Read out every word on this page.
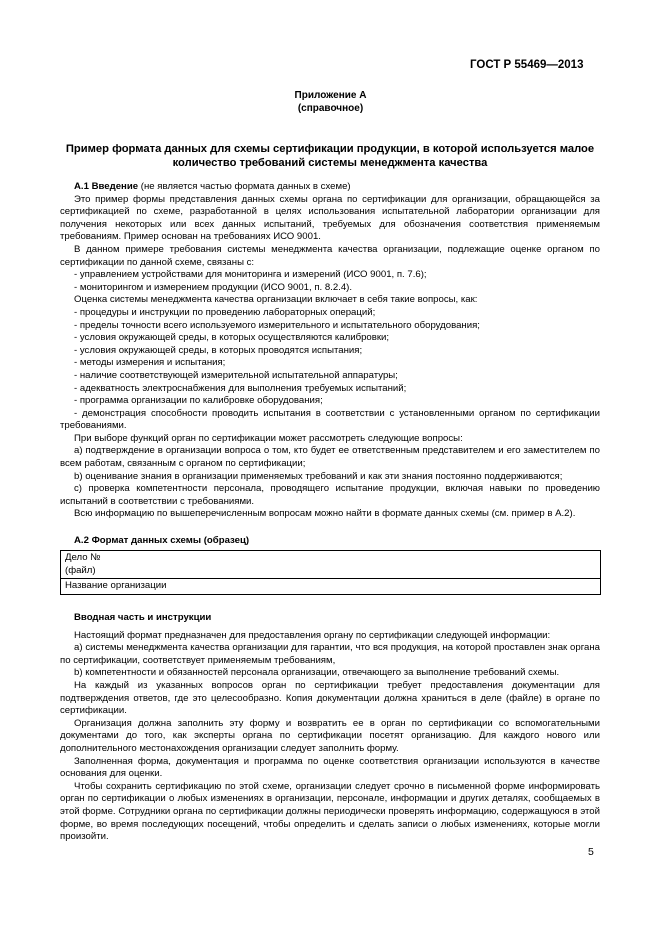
ГОСТ Р 55469—2013
Приложение А
(справочное)
Пример формата данных для схемы сертификации продукции, в которой используется малое количество требований системы менеджмента качества

А.1 Введение (не является частью формата данных в схеме)

Это пример формы представления данных схемы органа по сертификации для организации, обращающейся за сертификацией по схеме, разработанной в целях использования испытательной лаборатории организации для получения некоторых или всех данных испытаний, требуемых для обозначения соответствия применяемым требованиям. Пример основан на требованиях ИСО 9001.

В данном примере требования системы менеджмента качества организации, подлежащие оценке органом по сертификации по данной схеме, связаны с:

- управлением устройствами для мониторинга и измерений (ИСО 9001, п. 7.6);

- мониторингом и измерением продукции (ИСО 9001, п. 8.2.4).

Оценка системы менеджмента качества организации включает в себя такие вопросы, как:

- процедуры и инструкции по проведению лабораторных операций;

- пределы точности всего используемого измерительного и испытательного оборудования;

- условия окружающей среды, в которых осуществляются калибровки;

- условия окружающей среды, в которых проводятся испытания;

- методы измерения и испытания;

- наличие соответствующей измерительной испытательной аппаратуры;

- адекватность электроснабжения для выполнения требуемых испытаний;

- программа организации по калибровке оборудования;

- демонстрация способности проводить испытания в соответствии с установленными органом по сертификации требованиями.

При выборе функций орган по сертификации может рассмотреть следующие вопросы:

а) подтверждение в организации вопроса о том, кто будет ее ответственным представителем и его заместителем по всем работам, связанным с органом по сертификации;

b) оценивание знания в организации применяемых требований и как эти знания постоянно поддерживаются;

c) проверка компетентности персонала, проводящего испытание продукции, включая навыки по проведению испытаний в соответствии с требованиями.

Всю информацию по вышеперечисленным вопросам можно найти в формате данных схемы (см. пример в А.2).

А.2 Формат данных схемы (образец)

Дело №
(файл)

Название организации

Вводная часть и инструкции

Настоящий формат предназначен для предоставления органу по сертификации следующей информации:

а) системы менеджмента качества организации для гарантии, что вся продукция, на которой проставлен знак органа по сертификации, соответствует применяемым требованиям,

b) компетентности и обязанностей персонала организации, отвечающего за выполнение требований схемы.

На каждый из указанных вопросов орган по сертификации требует предоставления документации для подтверждения ответов, где это целесообразно. Копия документации должна храниться в деле (файле) в органе по сертификации.

Организация должна заполнить эту форму и возвратить ее в орган по сертификации со вспомогательными документами до того, как эксперты органа по сертификации посетят организацию. Для каждого нового или дополнительного местонахождения организации следует заполнить форму.

Заполненная форма, документация и программа по оценке соответствия организации используются в качестве основания для оценки.

Чтобы сохранить сертификацию по этой схеме, организации следует срочно в письменной форме информировать орган по сертификации о любых изменениях в организации, персонале, информации и других деталях, сообщаемых в этой форме. Сотрудники органа по сертификации должны периодически проверять информацию, содержащуюся в этой форме, во время последующих посещений, чтобы определить и сделать записи о любых изменениях, которые могли произойти.

5
